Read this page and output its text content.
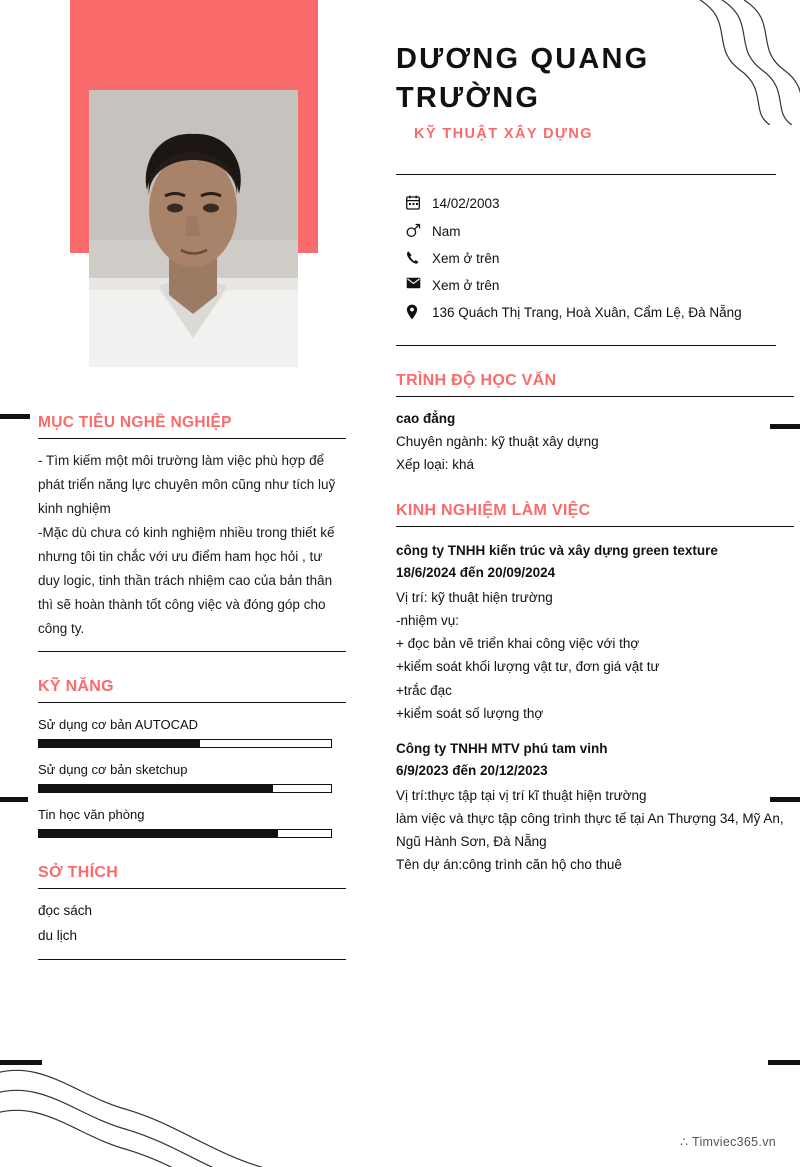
MỤC TIÊU NGHỀ NGHIỆP

- Tìm kiếm một môi trường làm việc phù hợp để phát triển năng lực chuyên môn cũng như tích luỹ kinh nghiệm

-Mặc dù chưa có kinh nghiệm nhiều trong thiết kế nhưng tôi tin chắc với ưu điểm ham học hỏi , tư duy logic, tinh thần trách nhiệm cao của bản thân thì sẽ hoàn thành tốt công việc và đóng góp cho công ty.

KỸ NĂNG
Sử dụng cơ bản AUTOCAD
Sử dụng cơ bản sketchup
Tin học văn phòng
SỞ THÍCH
đọc sách
du lịch
DƯƠNG QUANG TRƯỜNG
KỸ THUẬT XÂY DỰNG
14/02/2003
Nam
Xem ở trên
Xem ở trên
136 Quách Thị Trang, Hoà Xuân, Cẩm Lệ, Đà Nẵng
TRÌNH ĐỘ HỌC VẤN

cao đẳng

Chuyên ngành: kỹ thuật xây dựng

Xếp loại: khá

KINH NGHIỆM LÀM VIỆC

công ty TNHH kiến trúc và xây dựng green texture

18/6/2024 đến 20/09/2024

Vị trí: kỹ thuật hiện trường

-nhiệm vụ:

+ đọc bản vẽ triển khai công việc với thợ

+kiểm soát khối lượng vật tư, đơn giá vật tư

+trắc đạc

+kiểm soát số lượng thợ

Công ty TNHH MTV phú tam vinh

6/9/2023 đến 20/12/2023

Vị trí:thực tập tại vị trí kĩ thuật hiện trường

làm việc và thực tập công trình thực tế tại An Thượng 34, Mỹ An, Ngũ Hành Sơn, Đà Nẵng

Tên dự án:công trình căn hộ cho thuê

∴ Timviec365.vn
